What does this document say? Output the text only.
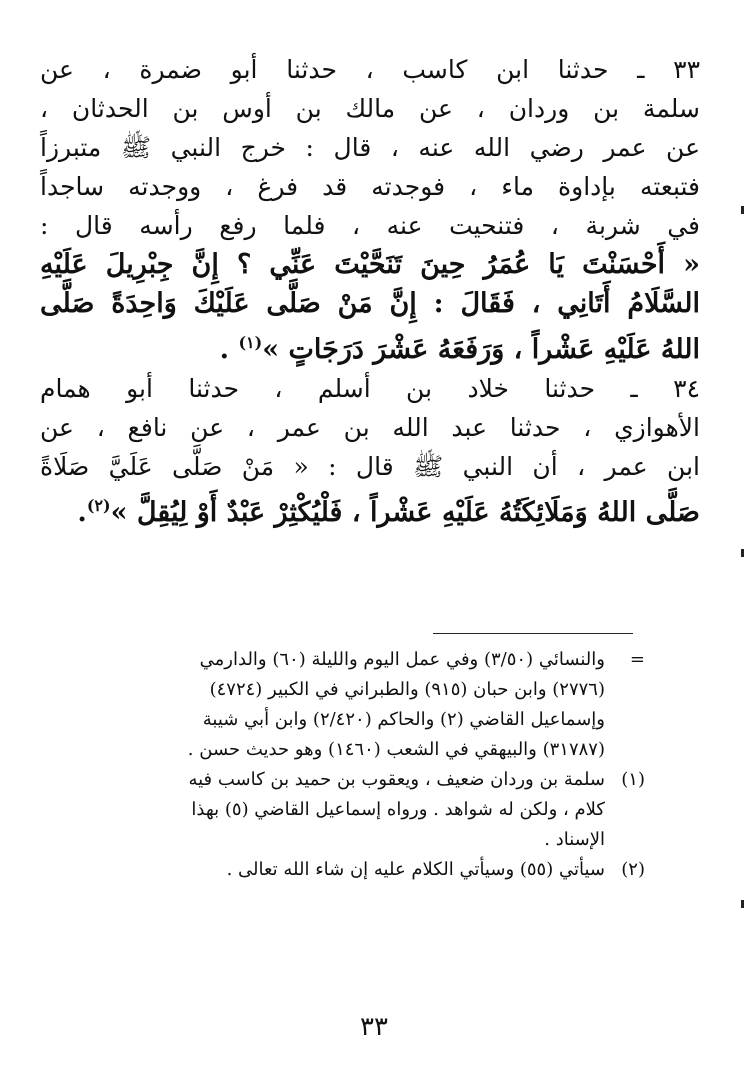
٣٣ ـ حدثنا ابن كاسب ، حدثنا أبو ضمرة ، عن
سلمة بن وردان ، عن مالك بن أوس بن الحدثان ،
عن عمر رضي الله عنه ، قال : خرج النبي ﷺ متبرزاً
فتبعته بإداوة ماء ، فوجدته قد فرغ ، ووجدته ساجداً
في شربة ، فتنحيت عنه ، فلما رفع رأسه قال :
« أَحْسَنْتَ يَا عُمَرُ حِينَ تَنَحَّيْتَ عَنِّي ؟ إِنَّ جِبْرِيلَ عَلَيْهِ
السَّلَامُ أَتَانِي ، فَقَالَ : إِنَّ مَنْ صَلَّى عَلَيْكَ وَاحِدَةً صَلَّى
اللهُ عَلَيْهِ عَشْراً ، وَرَفَعَهُ عَشْرَ دَرَجَاتٍ »$^{(١)}$ .
٣٤ ـ حدثنا خلاد بن أسلم ، حدثنا أبو همام
الأهوازي ، حدثنا عبد الله بن عمر ، عن نافع ، عن
ابن عمر ، أن النبي ﷺ قال : « مَنْ صَلَّى عَلَيَّ صَلَاةً
صَلَّى اللهُ وَمَلَائِكَتُهُ عَلَيْهِ عَشْراً ، فَلْيُكْثِرْ عَبْدٌ أَوْ لِيُقِلَّ »$^{(٢)}$.
=
والنسائي (٣/٥٠) وفي عمل اليوم والليلة (٦٠) والدارمي
(٢٧٧٦) وابن حبان (٩١٥) والطبراني في الكبير (٤٧٢٤)
وإسماعيل القاضي (٢) والحاكم (٢/٤٢٠) وابن أبي شيبة
(٣١٧٨٧) والبيهقي في الشعب (١٤٦٠) وهو حديث حسن .
(١)
سلمة بن وردان ضعيف ، ويعقوب بن حميد بن كاسب فيه
كلام ، ولكن له شواهد . ورواه إسماعيل القاضي (٥) بهذا
الإسناد .
(٢)
سيأتي (٥٥) وسيأتي الكلام عليه إن شاء الله تعالى .
٣٣
